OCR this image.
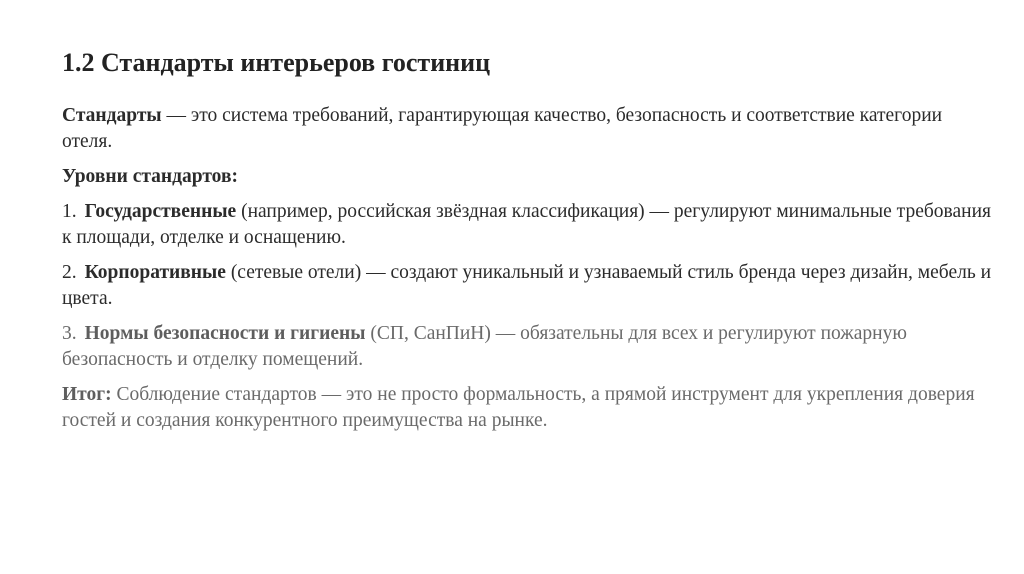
1.2 Стандарты интерьеров гостиниц

Стандарты — это система требований, гарантирующая качество, безопасность и соответствие категории отеля.

Уровни стандартов:

1. Государственные (например, российская звёздная классификация) — регулируют минимальные требования к площади, отделке и оснащению.

2. Корпоративные (сетевые отели) — создают уникальный и узнаваемый стиль бренда через дизайн, мебель и цвета.

3. Нормы безопасности и гигиены (СП, СанПиН) — обязательны для всех и регулируют пожарную безопасность и отделку помещений.

Итог: Соблюдение стандартов — это не просто формальность, а прямой инструмент для укрепления доверия гостей и создания конкурентного преимущества на рынке.
